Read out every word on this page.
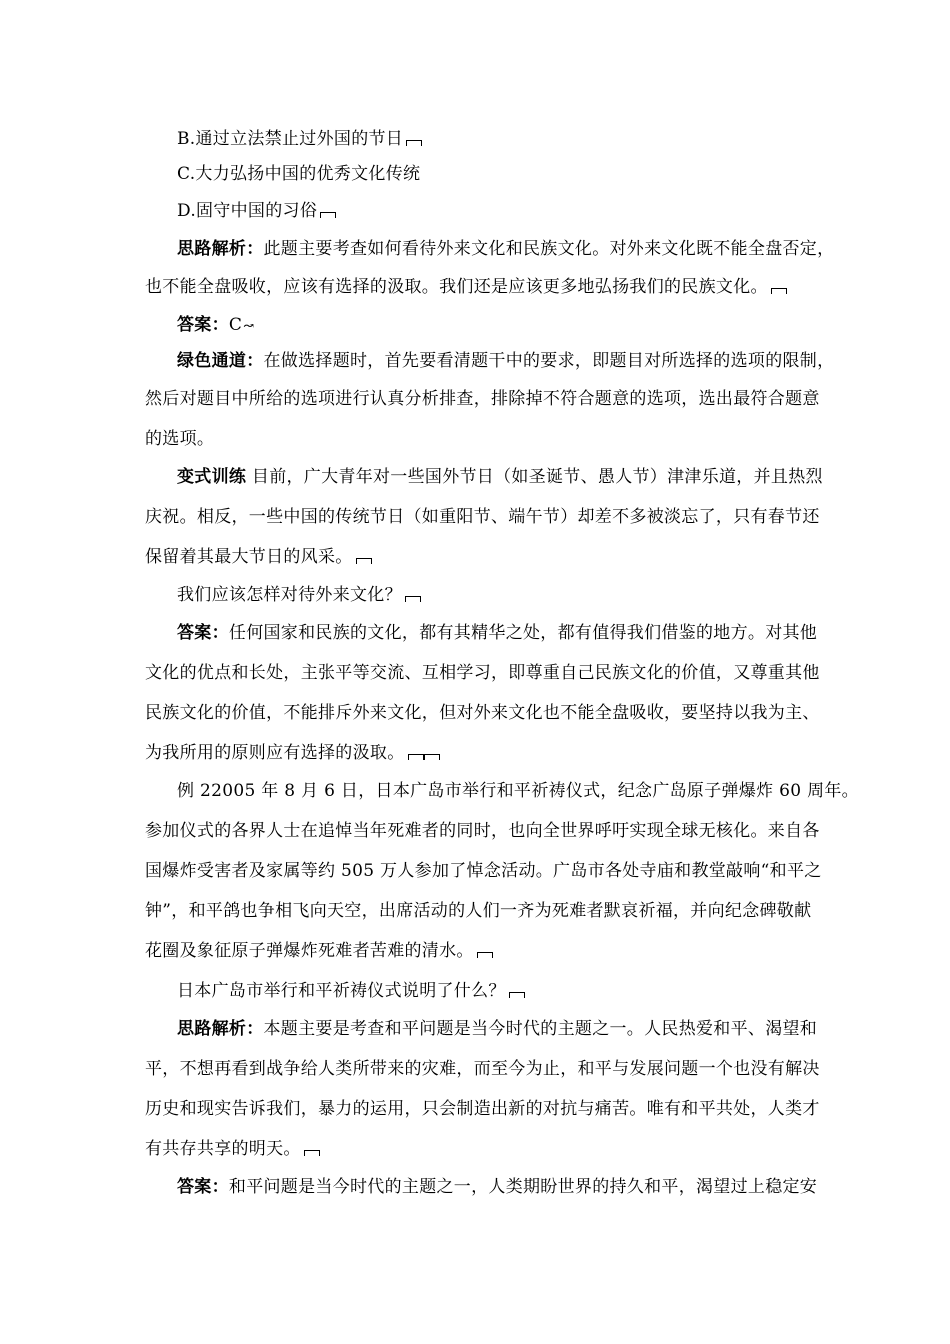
B.通过立法禁止过外国的节日
C.大力弘扬中国的优秀文化传统
D.固守中国的习俗
思路解析：此题主要考查如何看待外来文化和民族文化。对外来文化既不能全盘否定，
也不能全盘吸收，应该有选择的汲取。我们还是应该更多地弘扬我们的民族文化。
答案：C↝
绿色通道：在做选择题时，首先要看清题干中的要求，即题目对所选择的选项的限制，
然后对题目中所给的选项进行认真分析排查，排除掉不符合题意的选项，选出最符合题意
的选项。
变式训练 目前，广大青年对一些国外节日（如圣诞节、愚人节）津津乐道，并且热烈
庆祝。相反，一些中国的传统节日（如重阳节、端午节）却差不多被淡忘了，只有春节还
保留着其最大节日的风采。
我们应该怎样对待外来文化？
答案：任何国家和民族的文化，都有其精华之处，都有值得我们借鉴的地方。对其他
文化的优点和长处，主张平等交流、互相学习，即尊重自己民族文化的价值，又尊重其他
民族文化的价值，不能排斥外来文化，但对外来文化也不能全盘吸收，要坚持以我为主、
为我所用的原则应有选择的汲取。
例 22005 年 8 月 6 日，日本广岛市举行和平祈祷仪式，纪念广岛原子弹爆炸 60 周年。
参加仪式的各界人士在追悼当年死难者的同时，也向全世界呼吁实现全球无核化。来自各
国爆炸受害者及家属等约 505 万人参加了悼念活动。广岛市各处寺庙和教堂敲响“和平之
钟”，和平鸽也争相飞向天空，出席活动的人们一齐为死难者默哀祈福，并向纪念碑敬献
花圈及象征原子弹爆炸死难者苦难的清水。
日本广岛市举行和平祈祷仪式说明了什么？
思路解析：本题主要是考查和平问题是当今时代的主题之一。人民热爱和平、渴望和
平，不想再看到战争给人类所带来的灾难，而至今为止，和平与发展问题一个也没有解决
历史和现实告诉我们，暴力的运用，只会制造出新的对抗与痛苦。唯有和平共处，人类才
有共存共享的明天。
答案：和平问题是当今时代的主题之一，人类期盼世界的持久和平，渴望过上稳定安
